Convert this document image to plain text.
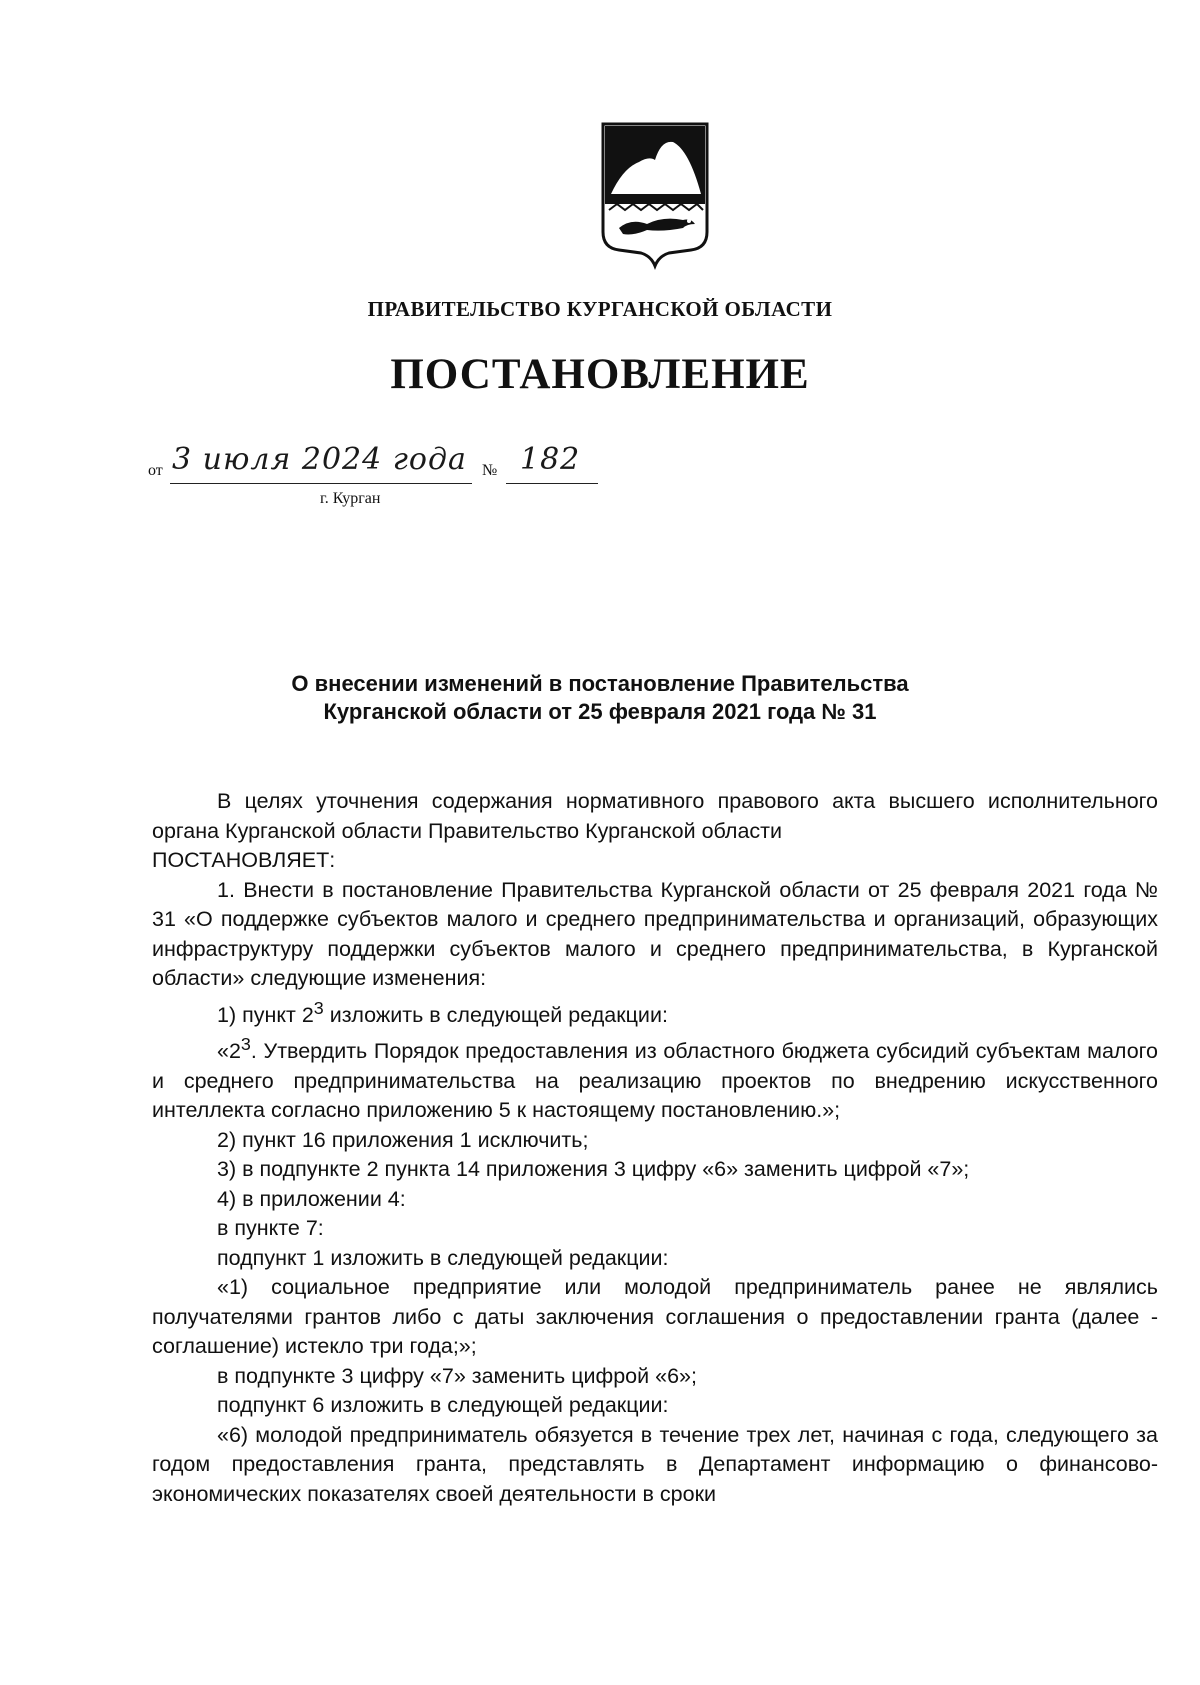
ПРАВИТЕЛЬСТВО КУРГАНСКОЙ ОБЛАСТИ
ПОСТАНОВЛЕНИЕ
от 3 июля 2024 года № 182
г. Курган
О внесении изменений в постановление Правительства
Курганской области от 25 февраля 2021 года № 31

В целях уточнения содержания нормативного правового акта высшего исполнительного органа Курганской области Правительство Курганской области

ПОСТАНОВЛЯЕТ:

1. Внести в постановление Правительства Курганской области от 25 февраля 2021 года № 31 «О поддержке субъектов малого и среднего предпринимательства и организаций, образующих инфраструктуру поддержки субъектов малого и среднего предпринимательства, в Курганской области» следующие изменения:

1) пункт $2^3$ изложить в следующей редакции:

«$2^3$. Утвердить Порядок предоставления из областного бюджета субсидий субъектам малого и среднего предпринимательства на реализацию проектов по внедрению искусственного интеллекта согласно приложению 5 к настоящему постановлению.»;

2) пункт 16 приложения 1 исключить;

3) в подпункте 2 пункта 14 приложения 3 цифру «6» заменить цифрой «7»;

4) в приложении 4:

в пункте 7:

подпункт 1 изложить в следующей редакции:

«1) социальное предприятие или молодой предприниматель ранее не являлись получателями грантов либо с даты заключения соглашения о предоставлении гранта (далее - соглашение) истекло три года;»;

в подпункте 3 цифру «7» заменить цифрой «6»;

подпункт 6 изложить в следующей редакции:

«6) молодой предприниматель обязуется в течение трех лет, начиная с года, следующего за годом предоставления гранта, представлять в Департамент информацию о финансово-экономических показателях своей деятельности в сроки
